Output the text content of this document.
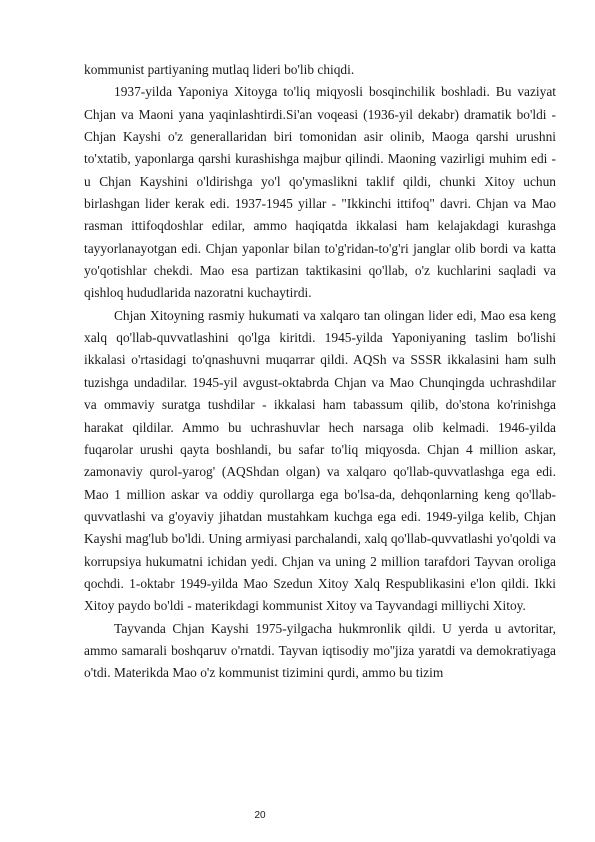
kommunist partiyaning mutlaq lideri bo'lib chiqdi.

1937-yilda Yaponiya Xitoyga to'liq miqyosli bosqinchilik boshladi. Bu vaziyat Chjan va Maoni yana yaqinlashtirdi.Si'an voqeasi (1936-yil dekabr) dramatik bo'ldi - Chjan Kayshi o'z generallaridan biri tomonidan asir olinib, Maoga qarshi urushni to'xtatib, yaponlarga qarshi kurashishga majbur qilindi. Maoning vazirligi muhim edi - u Chjan Kayshini o'ldirishga yo'l qo'ymaslikni taklif qildi, chunki Xitoy uchun birlashgan lider kerak edi. 1937-1945 yillar - "Ikkinchi ittifoq" davri. Chjan va Mao rasman ittifoqdoshlar edilar, ammo haqiqatda ikkalasi ham kelajakdagi kurashga tayyorlanayotgan edi. Chjan yaponlar bilan to'g'ridan-to'g'ri janglar olib bordi va katta yo'qotishlar chekdi. Mao esa partizan taktikasini qo'llab, o'z kuchlarini saqladi va qishloq hududlarida nazoratni kuchaytirdi.

Chjan Xitoyning rasmiy hukumati va xalqaro tan olingan lider edi, Mao esa keng xalq qo'llab-quvvatlashini qo'lga kiritdi. 1945-yilda Yaponiyaning taslim bo'lishi ikkalasi o'rtasidagi to'qnashuvni muqarrar qildi. AQSh va SSSR ikkalasini ham sulh tuzishga undadilar. 1945-yil avgust-oktabrda Chjan va Mao Chunqingda uchrashdilar va ommaviy suratga tushdilar - ikkalasi ham tabassum qilib, do'stona ko'rinishga harakat qildilar. Ammo bu uchrashuvlar hech narsaga olib kelmadi. 1946-yilda fuqarolar urushi qayta boshlandi, bu safar to'liq miqyosda. Chjan 4 million askar, zamonaviy qurol-yarog' (AQShdan olgan) va xalqaro qo'llab-quvvatlashga ega edi. Mao 1 million askar va oddiy qurollarga ega bo'lsa-da, dehqonlarning keng qo'llab-quvvatlashi va g'oyaviy jihatdan mustahkam kuchga ega edi. 1949-yilga kelib, Chjan Kayshi mag'lub bo'ldi. Uning armiyasi parchalandi, xalq qo'llab-quvvatlashi yo'qoldi va korrupsiya hukumatni ichidan yedi. Chjan va uning 2 million tarafdori Tayvan oroliga qochdi. 1-oktabr 1949-yilda Mao Szedun Xitoy Xalq Respublikasini e'lon qildi. Ikki Xitoy paydo bo'ldi - materikdagi kommunist Xitoy va Tayvandagi milliychi Xitoy.

Tayvanda Chjan Kayshi 1975-yilgacha hukmronlik qildi. U yerda u avtoritar, ammo samarali boshqaruv o'rnatdi. Tayvan iqtisodiy mo''jiza yaratdi va demokratiyaga o'tdi. Materikda Mao o'z kommunist tizimini qurdi, ammo bu tizim

20
